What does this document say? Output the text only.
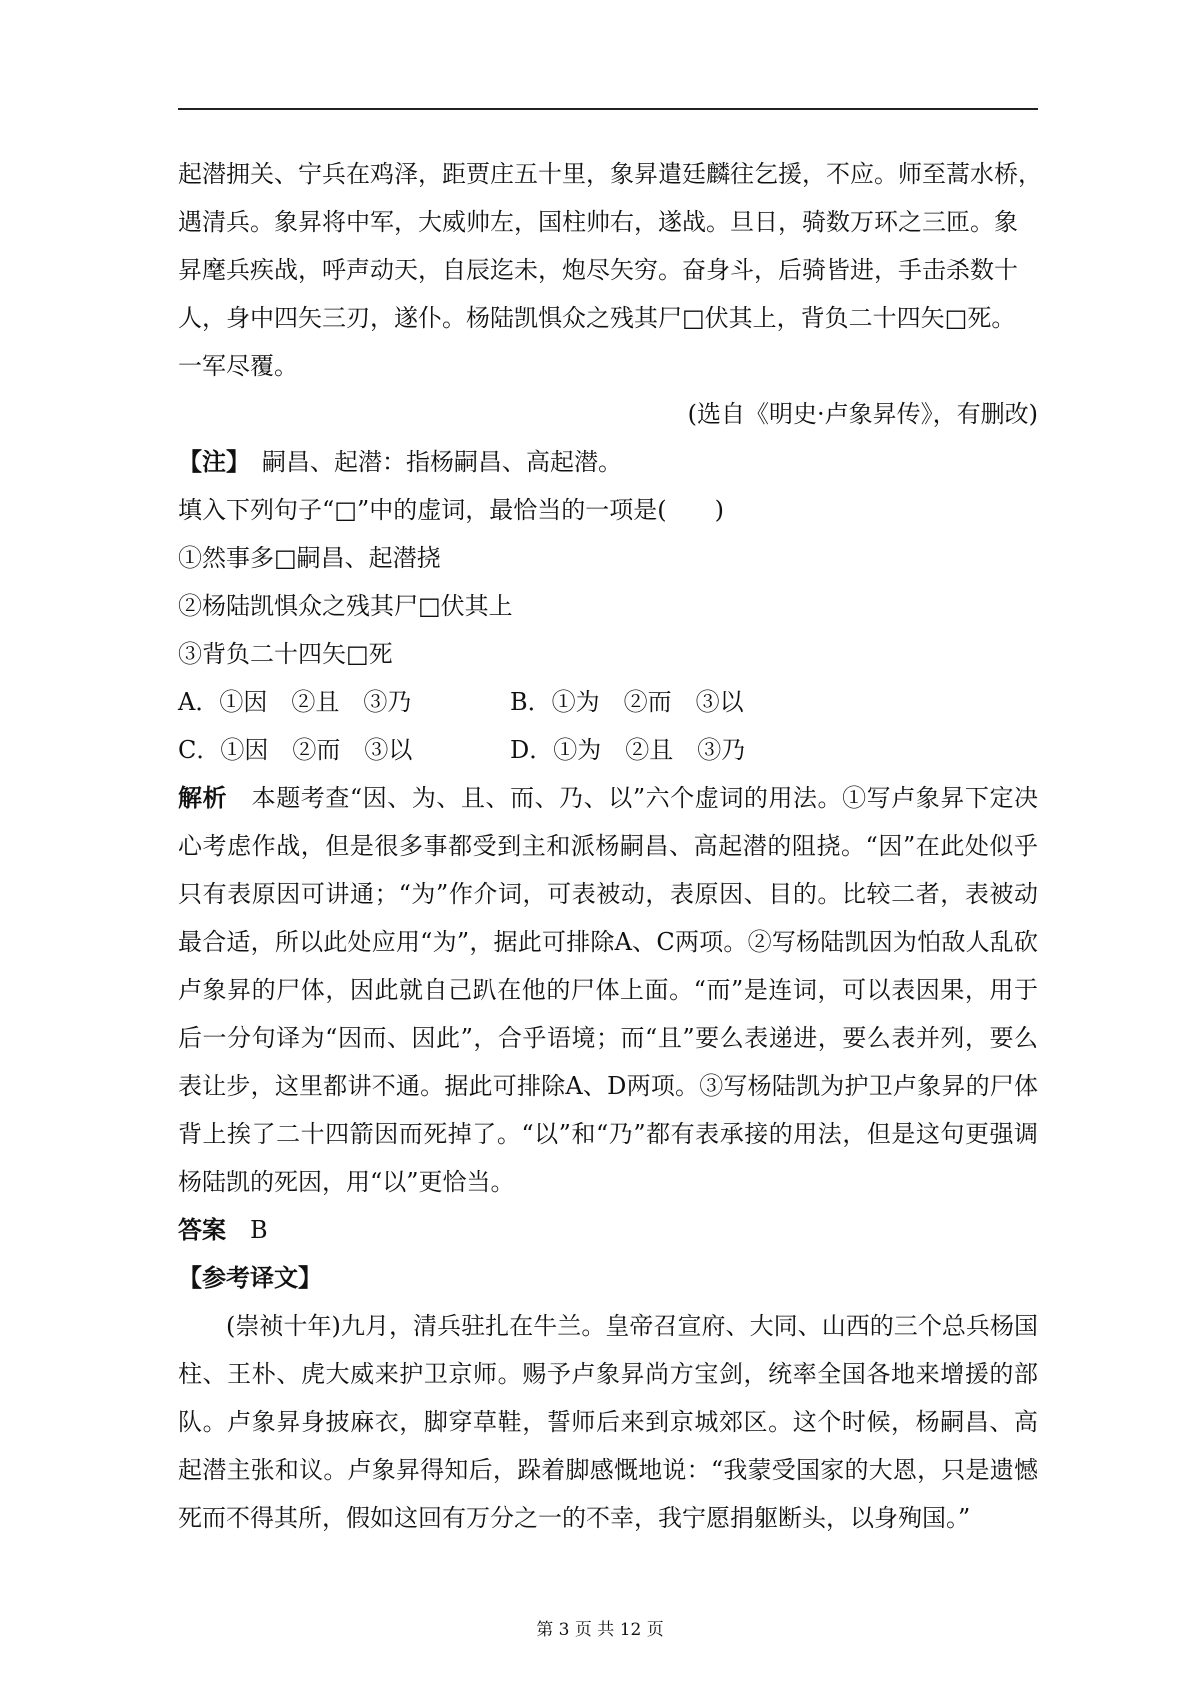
起潜拥关、宁兵在鸡泽，距贾庄五十里，象昇遣廷麟往乞援，不应。师至蒿水桥，

遇清兵。象昇将中军，大威帅左，国柱帅右，遂战。旦日，骑数万环之三匝。象

昇麾兵疾战，呼声动天，自辰迄未，炮尽矢穷。奋身斗，后骑皆进，手击杀数十

人，身中四矢三刃，遂仆。杨陆凯惧众之残其尸□伏其上，背负二十四矢□死。

一军尽覆。

(选自《明史·卢象昇传》，有删改)

【注】　嗣昌、起潜：指杨嗣昌、高起潜。

填入下列句子“□”中的虚词，最恰当的一项是(　　)

①然事多□嗣昌、起潜挠

②杨陆凯惧众之残其尸□伏其上

③背负二十四矢□死

A．①因　②且　③乃	B．①为　②而　③以
C．①因　②而　③以	D．①为　②且　③乃

解析　本题考查“因、为、且、而、乃、以”六个虚词的用法。①写卢象昇下定决心考虑作战，但是很多事都受到主和派杨嗣昌、高起潜的阻挠。“因”在此处似乎只有表原因可讲通；“为”作介词，可表被动，表原因、目的。比较二者，表被动最合适，所以此处应用“为”，据此可排除A、C两项。②写杨陆凯因为怕敌人乱砍卢象昇的尸体，因此就自己趴在他的尸体上面。“而”是连词，可以表因果，用于后一分句译为“因而、因此”，合乎语境；而“且”要么表递进，要么表并列，要么表让步，这里都讲不通。据此可排除A、D两项。③写杨陆凯为护卫卢象昇的尸体背上挨了二十四箭因而死掉了。“以”和“乃”都有表承接的用法，但是这句更强调杨陆凯的死因，用“以”更恰当。

答案　B

【参考译文】

(崇祯十年)九月，清兵驻扎在牛兰。皇帝召宣府、大同、山西的三个总兵杨国柱、王朴、虎大威来护卫京师。赐予卢象昇尚方宝剑，统率全国各地来增援的部队。卢象昇身披麻衣，脚穿草鞋，誓师后来到京城郊区。这个时候，杨嗣昌、高起潜主张和议。卢象昇得知后，跺着脚感慨地说：“我蒙受国家的大恩，只是遗憾死而不得其所，假如这回有万分之一的不幸，我宁愿捐躯断头，以身殉国。”

第 3 页 共 12 页
